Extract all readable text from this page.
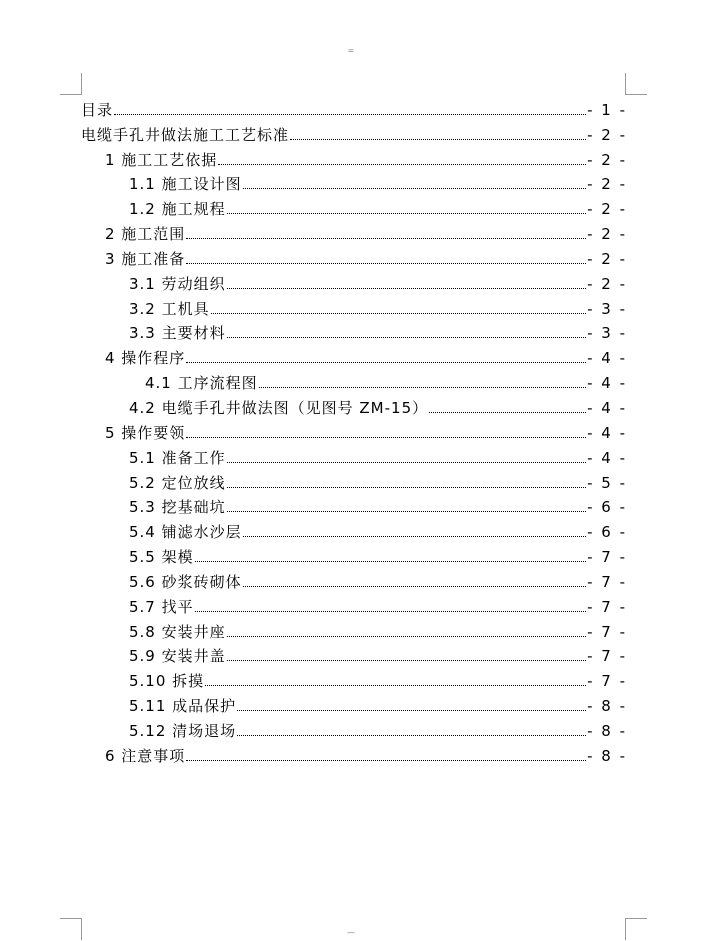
=
—
目录	- 1 -
电缆手孔井做法施工工艺标准	- 2 -
1 施工工艺依据	- 2 -
1.1 施工设计图	- 2 -
1.2 施工规程	- 2 -
2 施工范围	- 2 -
3 施工准备	- 2 -
3.1 劳动组织	- 2 -
3.2 工机具	- 3 -
3.3 主要材料	- 3 -
4 操作程序	- 4 -
4.1 工序流程图	- 4 -
4.2 电缆手孔井做法图（见图号 ZM-15）	- 4 -
5 操作要领	- 4 -
5.1 准备工作	- 4 -
5.2 定位放线	- 5 -
5.3 挖基础坑	- 6 -
5.4 铺滤水沙层	- 6 -
5.5 架模	- 7 -
5.6 砂浆砖砌体	- 7 -
5.7 找平	- 7 -
5.8 安装井座	- 7 -
5.9 安装井盖	- 7 -
5.10 拆摸	- 7 -
5.11 成品保护	- 8 -
5.12 清场退场	- 8 -
6 注意事项	- 8 -
